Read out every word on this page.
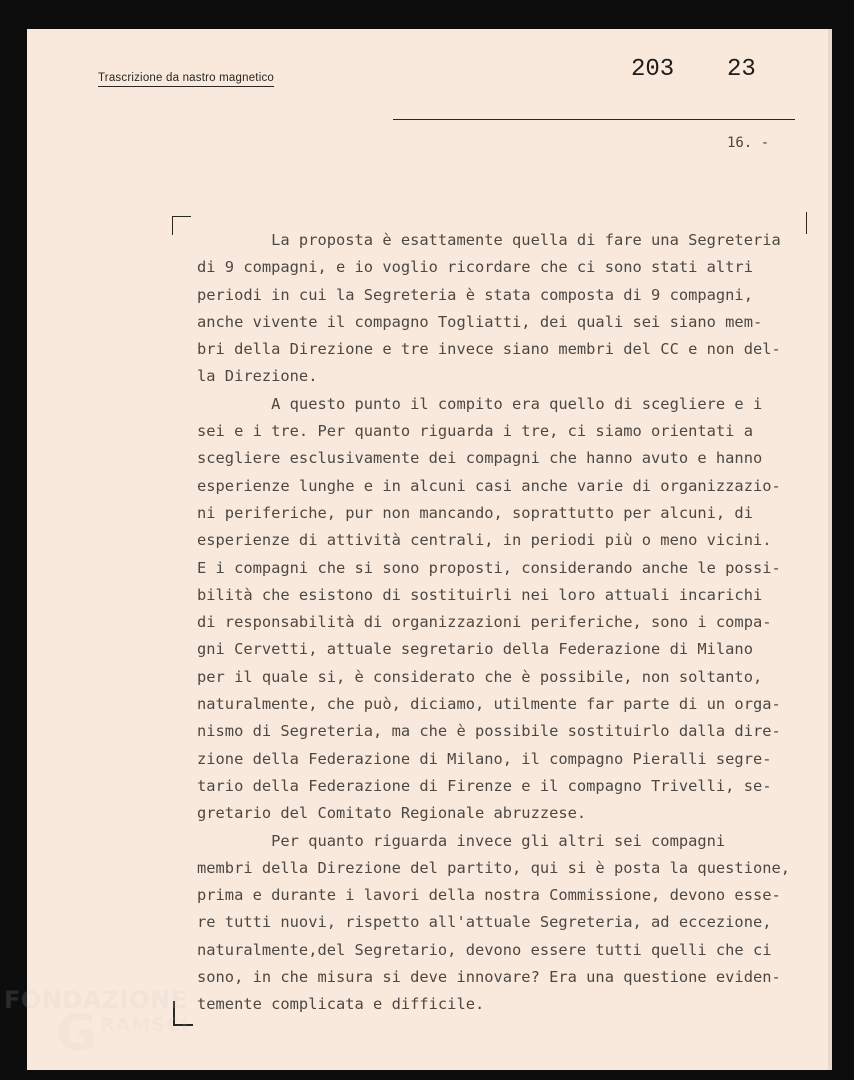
Trascrizione da nastro magnetico	203 23
16. -
La proposta è esattamente quella di fare una Segreteria
di 9 compagni, e io voglio ricordare che ci sono stati altri
periodi in cui la Segreteria è stata composta di 9 compagni,
anche vivente il compagno Togliatti, dei quali sei siano mem-
bri della Direzione e tre invece siano membri del CC e non del-
la Direzione.
A questo punto il compito era quello di scegliere e i
sei e i tre. Per quanto riguarda i tre, ci siamo orientati a
scegliere esclusivamente dei compagni che hanno avuto e hanno
esperienze lunghe e in alcuni casi anche varie di organizzazio-
ni periferiche, pur non mancando, soprattutto per alcuni, di
esperienze di attività centrali, in periodi più o meno vicini.
E i compagni che si sono proposti, considerando anche le possi-
bilità che esistono di sostituirli nei loro attuali incarichi
di responsabilità di organizzazioni periferiche, sono i compa-
gni Cervetti, attuale segretario della Federazione di Milano
per il quale si, è considerato che è possibile, non soltanto,
naturalmente, che può, diciamo, utilmente far parte di un orga-
nismo di Segreteria, ma che è possibile sostituirlo dalla dire-
zione della Federazione di Milano, il compagno Pieralli segre-
tario della Federazione di Firenze e il compagno Trivelli, se-
gretario del Comitato Regionale abruzzese.
Per quanto riguarda invece gli altri sei compagni
membri della Direzione del partito, qui si è posta la questione,
prima e durante i lavori della nostra Commissione, devono esse-
re tutti nuovi, rispetto all'attuale Segreteria, ad eccezione,
naturalmente,del Segretario, devono essere tutti quelli che ci
sono, in che misura si deve innovare? Era una questione eviden-
temente complicata e difficile.
